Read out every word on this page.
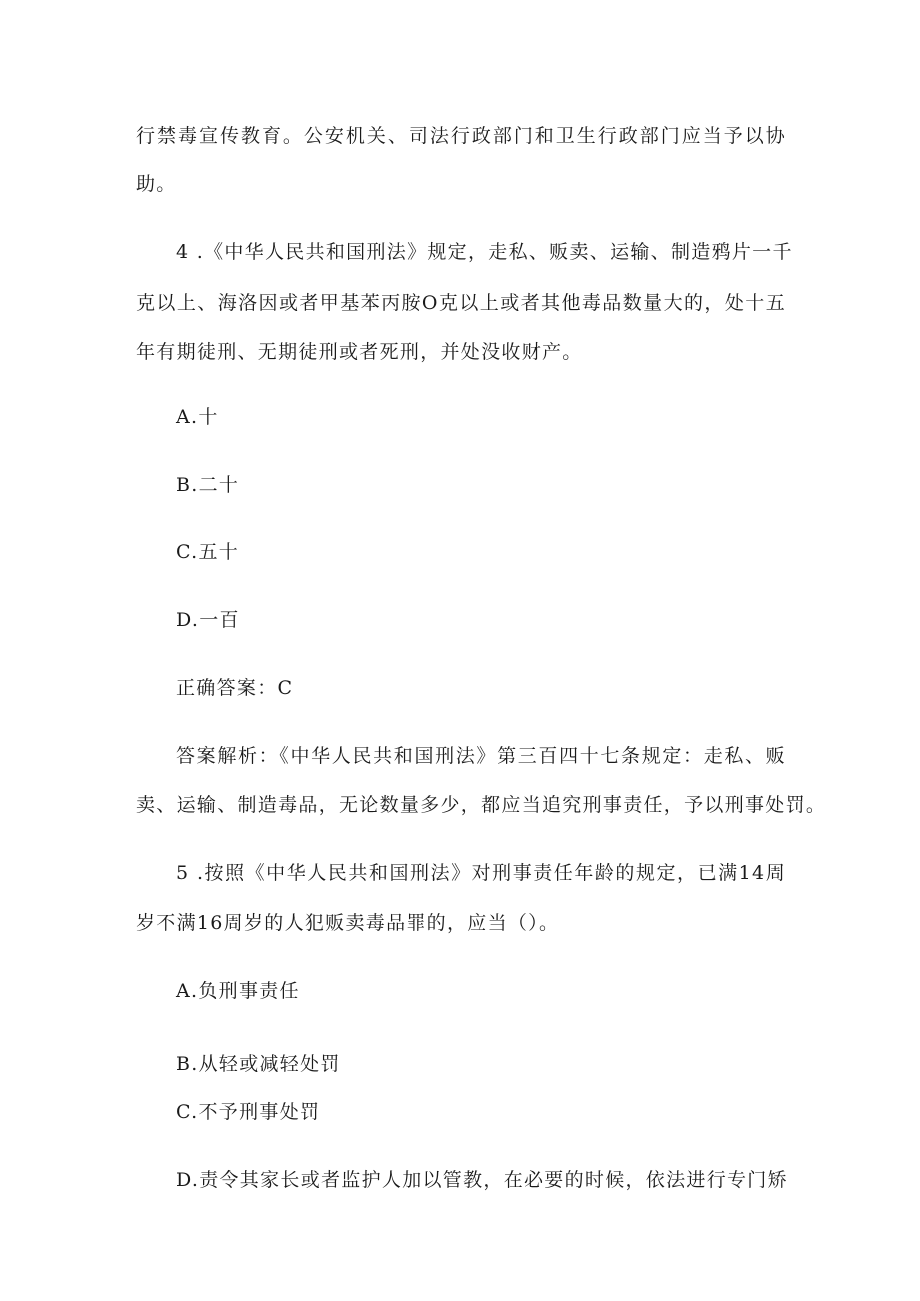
行禁毒宣传教育。公安机关、司法行政部门和卫生行政部门应当予以协
助。
4 .《中华人民共和国刑法》规定，走私、贩卖、运输、制造鸦片一千
克以上、海洛因或者甲基苯丙胺O克以上或者其他毒品数量大的，处十五
年有期徒刑、无期徒刑或者死刑，并处没收财产。
A.十
B.二十
C.五十
D.一百
正确答案：C
答案解析：《中华人民共和国刑法》第三百四十七条规定：走私、贩
卖、运输、制造毒品，无论数量多少，都应当追究刑事责任，予以刑事处罚。
5 .按照《中华人民共和国刑法》对刑事责任年龄的规定，已满14周
岁不满16周岁的人犯贩卖毒品罪的，应当（）。
A.负刑事责任
B.从轻或减轻处罚
C.不予刑事处罚
D.责令其家长或者监护人加以管教，在必要的时候，依法进行专门矫
